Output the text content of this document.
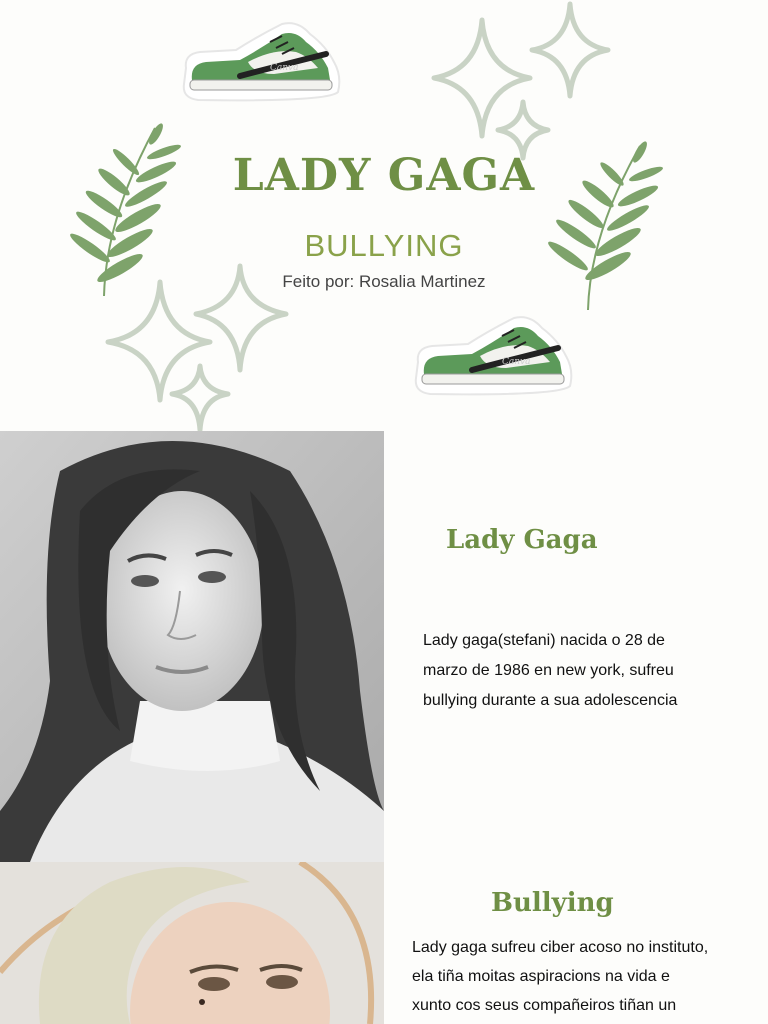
Canva
Canva
LADY GAGA
BULLYING
Feito por: Rosalia Martinez
Lady Gaga
Lady gaga(stefani) nacida o 28 de
marzo de 1986 en new york, sufreu
bullying durante a sua adolescencia
Bullying
Lady gaga sufreu ciber acoso no instituto,
ela tiña moitas aspiracions na vida e
xunto cos seus compañeiros tiñan un
